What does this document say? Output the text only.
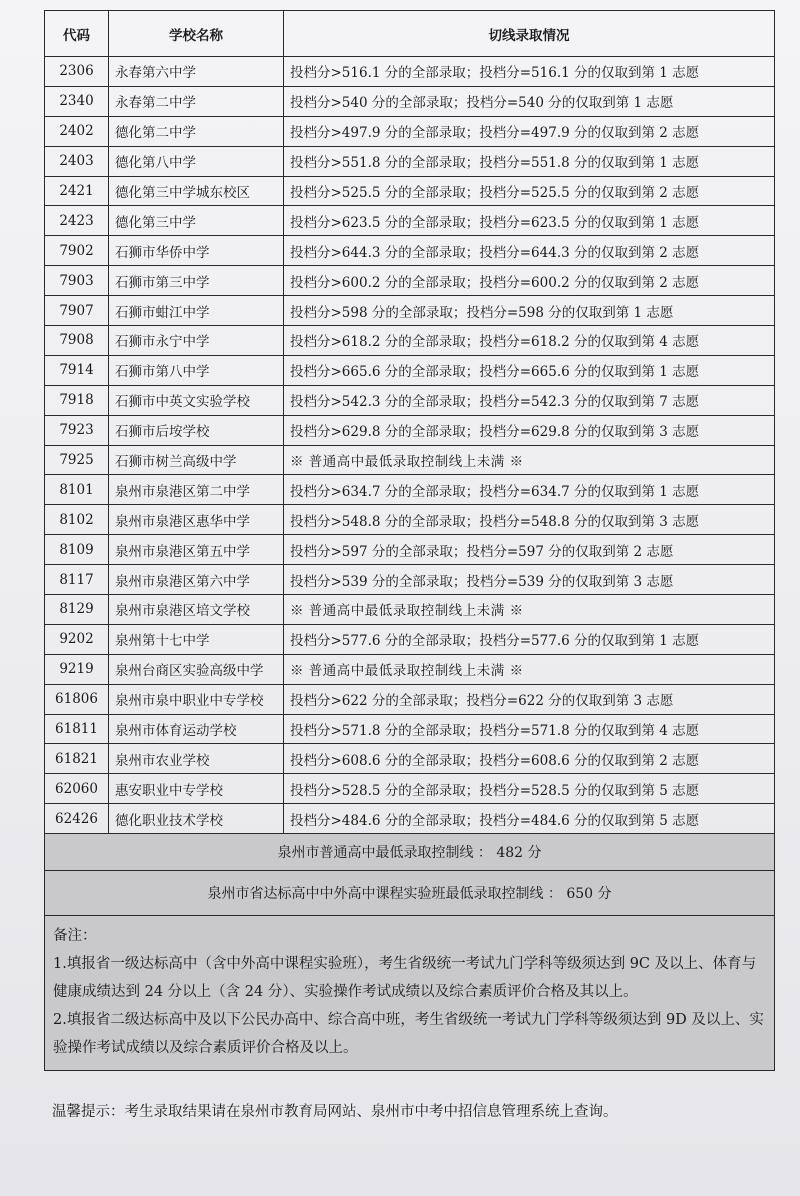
代码	学校名称	切线录取情况
2306	永春第六中学	投档分>516.1 分的全部录取；投档分=516.1 分的仅取到第 1 志愿
2340	永春第二中学	投档分>540 分的全部录取；投档分=540 分的仅取到第 1 志愿
2402	德化第二中学	投档分>497.9 分的全部录取；投档分=497.9 分的仅取到第 2 志愿
2403	德化第八中学	投档分>551.8 分的全部录取；投档分=551.8 分的仅取到第 1 志愿
2421	德化第三中学城东校区	投档分>525.5 分的全部录取；投档分=525.5 分的仅取到第 2 志愿
2423	德化第三中学	投档分>623.5 分的全部录取；投档分=623.5 分的仅取到第 1 志愿
7902	石狮市华侨中学	投档分>644.3 分的全部录取；投档分=644.3 分的仅取到第 2 志愿
7903	石狮市第三中学	投档分>600.2 分的全部录取；投档分=600.2 分的仅取到第 2 志愿
7907	石狮市蚶江中学	投档分>598 分的全部录取；投档分=598 分的仅取到第 1 志愿
7908	石狮市永宁中学	投档分>618.2 分的全部录取；投档分=618.2 分的仅取到第 4 志愿
7914	石狮市第八中学	投档分>665.6 分的全部录取；投档分=665.6 分的仅取到第 1 志愿
7918	石狮市中英文实验学校	投档分>542.3 分的全部录取；投档分=542.3 分的仅取到第 7 志愿
7923	石狮市后垵学校	投档分>629.8 分的全部录取；投档分=629.8 分的仅取到第 3 志愿
7925	石狮市树兰高级中学	※ 普通高中最低录取控制线上未满 ※
8101	泉州市泉港区第二中学	投档分>634.7 分的全部录取；投档分=634.7 分的仅取到第 1 志愿
8102	泉州市泉港区惠华中学	投档分>548.8 分的全部录取；投档分=548.8 分的仅取到第 3 志愿
8109	泉州市泉港区第五中学	投档分>597 分的全部录取；投档分=597 分的仅取到第 2 志愿
8117	泉州市泉港区第六中学	投档分>539 分的全部录取；投档分=539 分的仅取到第 3 志愿
8129	泉州市泉港区培文学校	※ 普通高中最低录取控制线上未满 ※
9202	泉州第十七中学	投档分>577.6 分的全部录取；投档分=577.6 分的仅取到第 1 志愿
9219	泉州台商区实验高级中学	※ 普通高中最低录取控制线上未满 ※
61806	泉州市泉中职业中专学校	投档分>622 分的全部录取；投档分=622 分的仅取到第 3 志愿
61811	泉州市体育运动学校	投档分>571.8 分的全部录取；投档分=571.8 分的仅取到第 4 志愿
61821	泉州市农业学校	投档分>608.6 分的全部录取；投档分=608.6 分的仅取到第 2 志愿
62060	惠安职业中专学校	投档分>528.5 分的全部录取；投档分=528.5 分的仅取到第 5 志愿
62426	德化职业技术学校	投档分>484.6 分的全部录取；投档分=484.6 分的仅取到第 5 志愿
泉州市普通高中最低录取控制线 ： 482 分		
泉州市省达标高中中外高中课程实验班最低录取控制线 ： 650 分		

备注：
1.填报省一级达标高中（含中外高中课程实验班），考生省级统一考试九门学科等级须达到 9C 及以上、体育与健康成绩达到 24 分以上（含 24 分）、实验操作考试成绩以及综合素质评价合格及其以上。
2.填报省二级达标高中及以下公民办高中、综合高中班，考生省级统一考试九门学科等级须达到 9D 及以上、实验操作考试成绩以及综合素质评价合格及以上。		
温馨提示：考生录取结果请在泉州市教育局网站、泉州市中考中招信息管理系统上查询。
